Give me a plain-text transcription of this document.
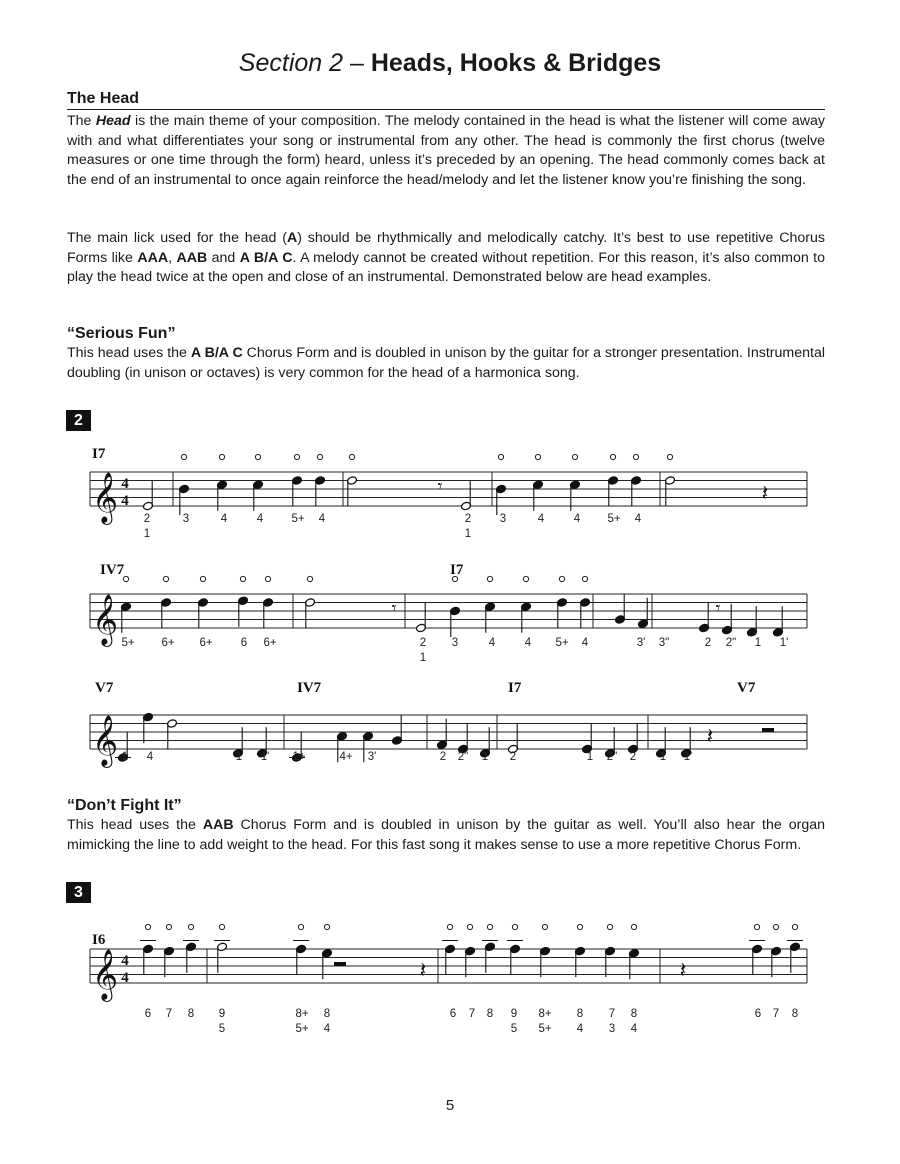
Section 2 – Heads, Hooks & Bridges
The Head

The Head is the main theme of your composition. The melody contained in the head is what the listener will come away with and what differentiates your song or instrumental from any other. The head is commonly the first chorus (twelve measures or one time through the form) heard, unless it’s preceded by an opening. The head commonly comes back at the end of an instrumental to once again reinforce the head/melody and let the listener know you’re finishing the song.

The main lick used for the head (A) should be rhythmically and melodically catchy. It’s best to use repetitive Chorus Forms like AAA, AAB and A B/A C. A melody cannot be created without repetition. For this reason, it’s also common to play the head twice at the open and close of an instrumental. Demonstrated below are head examples.

“Serious Fun”

This head uses the A B/A C Chorus Form and is doubled in unison by the guitar for a stronger presentation. Instrumental doubling (in unison or octaves) is very common for the head of a harmonica song.

2
“Don’t Fight It”

This head uses the AAB Chorus Form and is doubled in unison by the guitar as well. You’ll also hear the organ mimicking the line to add weight to the head. For this fast song it makes sense to use a more repetitive Chorus Form.

3
𝄞 4
4
𝄾	𝄽
𝄞	𝄾	𝄾
𝄞	𝄽
𝄞 4
4	𝄽	𝄽
I7
2
1
3	4	4 5+ 4	2
1
3	4	4 5+ 4
IV7	I7
5+ 6+ 6+ 6 6+	2
1
3	4	4 5+ 4	3' 3"	2 2" 1 1'
V7	IV7	I7	V7
1 4	1 1' 1+	4+ 3'	2 2" 1 2	1 2" 2 1 1'
I6
6 7 8 9
5
8+
5+
8
4
6 7 8 9
5
8+
5+
8
4
7
3
8
4
6 7 8
5
